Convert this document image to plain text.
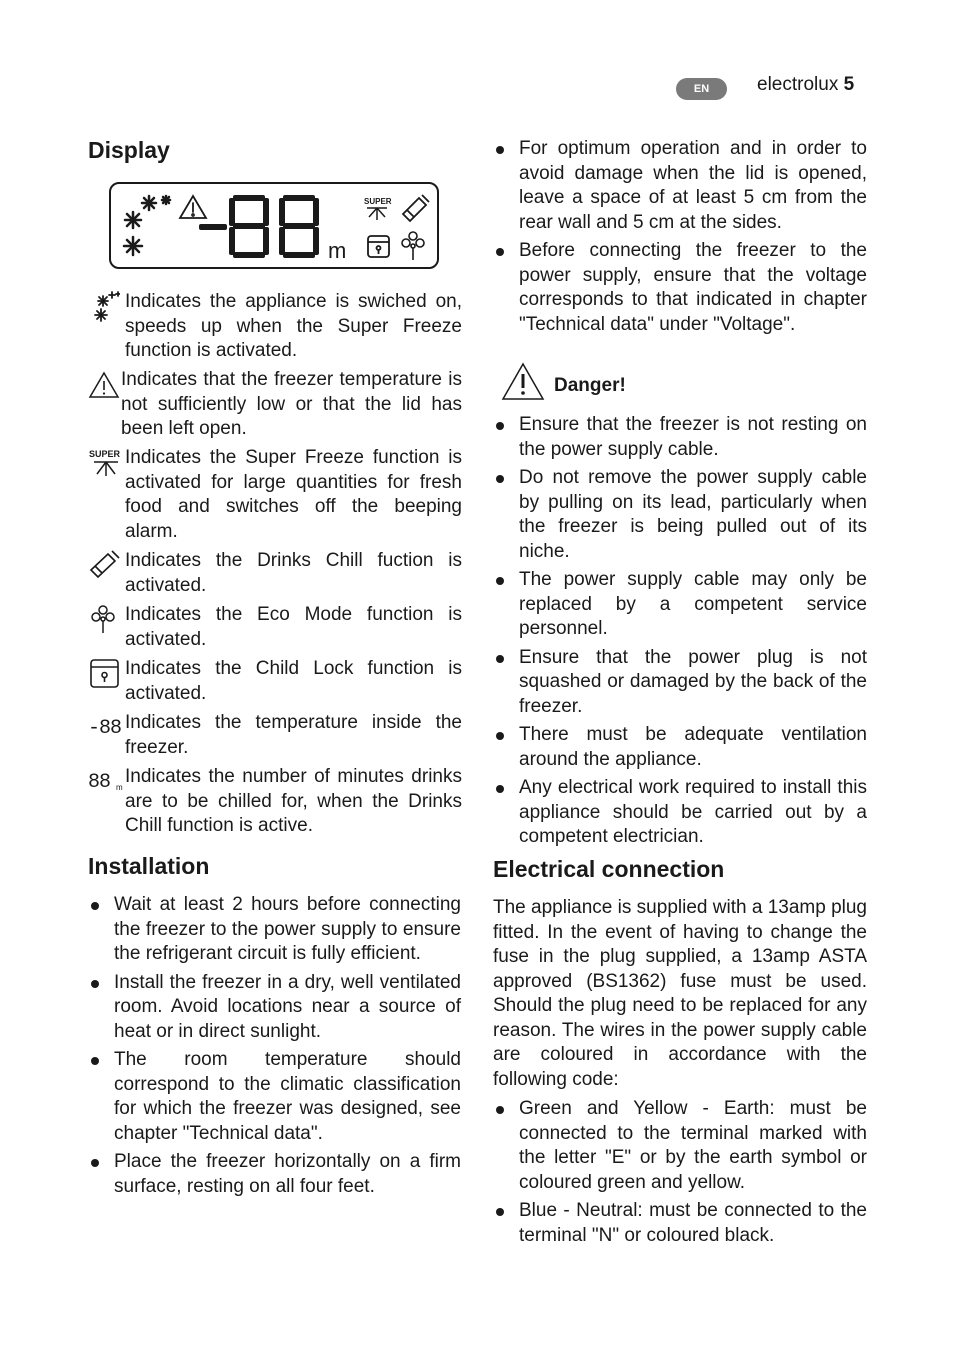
EN	electrolux 5
Display
m
SUPER
Indicates the appliance is swiched on, speeds up when the Super Freeze function is activated.
Indicates that the freezer temperature is not sufficiently low or that the lid has been left open.
SUPER Indicates the Super Freeze function is activated for large quantities for fresh food and switches off the beeping alarm.
Indicates the Drinks Chill fuction is activated.
Indicates the Eco Mode function is activated.
Indicates the Child Lock function is activated.
-88 Indicates the temperature inside the freezer.
88 m
Indicates the number of minutes drinks are to be chilled for, when the Drinks Chill function is active.
Installation
Wait at least 2 hours before connecting the freezer to the power supply to ensure the refrigerant circuit is fully efficient.
Install the freezer in a dry, well ventilated room. Avoid locations near a source of heat or in direct sunlight.
The room temperature should correspond to the climatic classification for which the freezer was designed, see chapter "Technical data".
Place the freezer horizontally on a firm surface, resting on all four feet.
For optimum operation and in order to avoid damage when the lid is opened, leave a space of at least 5 cm from the rear wall and 5 cm at the sides.
Before connecting the freezer to the power supply, ensure that the voltage corresponds to that indicated in chapter "Technical data" under "Voltage".
Danger!
Ensure that the freezer is not resting on the power supply cable.
Do not remove the power supply cable by pulling on its lead, particularly when the freezer is being pulled out of its niche.
The power supply cable may only be replaced by a competent service personnel.
Ensure that the power plug is not squashed or damaged by the back of the freezer.
There must be adequate ventilation around the appliance.
Any electrical work required to install this appliance should be carried out by a competent electrician.
Electrical connection
The appliance is supplied with a 13amp plug fitted. In the event of having to change the fuse in the plug supplied, a 13amp ASTA approved (BS1362) fuse must be used. Should the plug need to be replaced for any reason. The wires in the power supply cable are coloured in accordance with the following code:
Green and Yellow - Earth: must be connected to the terminal marked with the letter "E" or by the earth symbol or coloured green and yellow.
Blue - Neutral: must be connected to the terminal "N" or coloured black.
